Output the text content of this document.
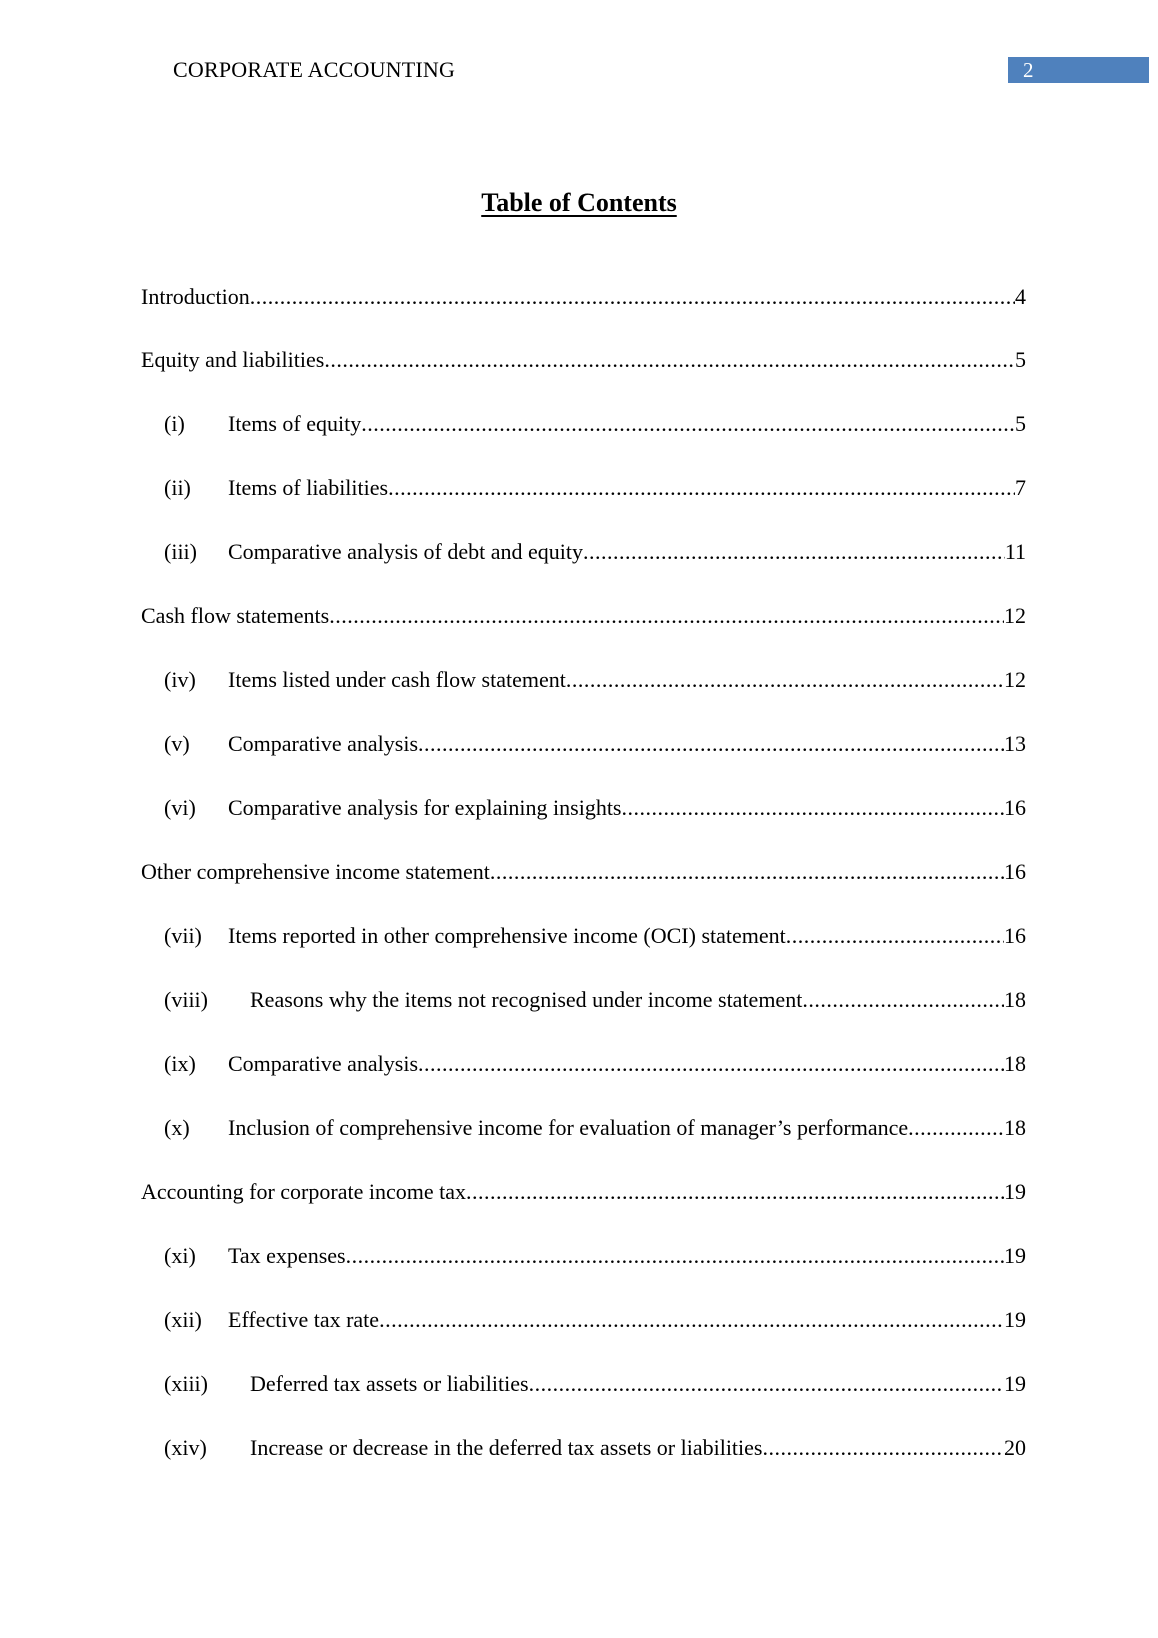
CORPORATE ACCOUNTING	2
Table of Contents
Introduction .....	4
Equity and liabilities .....	5
(i)	Items of equity .....	5
(ii)	Items of liabilities .....	7
(iii)	Comparative analysis of debt and equity .....	11
Cash flow statements .....	12
(iv)	Items listed under cash flow statement .....	12
(v)	Comparative analysis .....	13
(vi)	Comparative analysis for explaining insights .....	16
Other comprehensive income statement .....	16
(vii)	Items reported in other comprehensive income (OCI) statement .....	16
(viii)	Reasons why the items not recognised under income statement .....	18
(ix)	Comparative analysis .....	18
(x)	Inclusion of comprehensive income for evaluation of manager’s performance .....	18
Accounting for corporate income tax .....	19
(xi)	Tax expenses .....	19
(xii)	Effective tax rate .....	19
(xiii)	Deferred tax assets or liabilities .....	19
(xiv)	Increase or decrease in the deferred tax assets or liabilities .....	20
